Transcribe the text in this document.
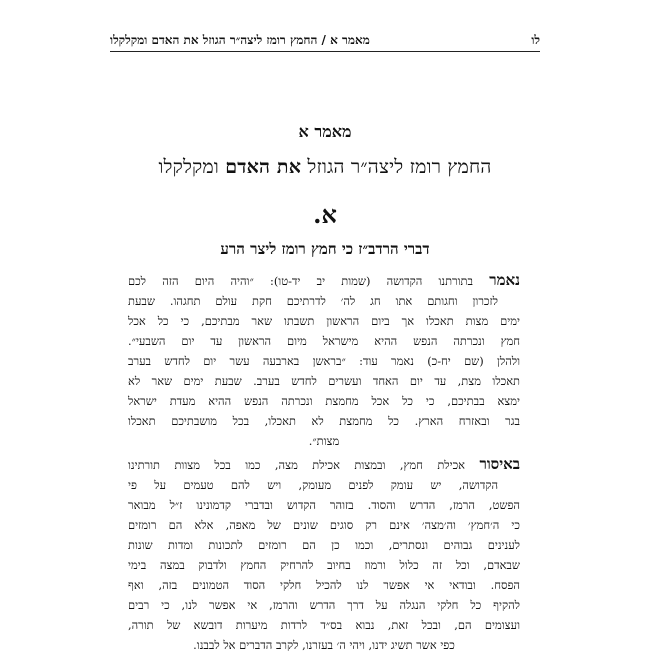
לו
מאמר א / החמץ רומז ליצה״ר הגוזל את האדם ומקלקלו
מאמר א
החמץ רומז ליצה״ר הגוזל את האדם ומקלקלו
א.
דברי הרדב״ז כי חמץ רומז ליצר הרע
נאמר בתורתנו הקדושה (שמות יב יד-טו): ״והיה היום הזה לכם
לזכרון וחגותם אתו חג לה׳ לדרתיכם חקת עולם תחגהו. שבעת
ימים מצות תאכלו אך ביום הראשון תשבתו שאר מבתיכם, כי כל אכל
חמץ ונכרתה הנפש ההיא מישראל מיום הראשון עד יום השבעי״.
ולהלן (שם יח-כ) נאמר עוד: ״בראשן בארבעה עשר יום לחדש בערב
תאכלו מצת, עד יום האחד ועשרים לחדש בערב. שבעת ימים שאר לא
ימצא בבתיכם, כי כל אכל מחמצת ונכרתה הנפש ההיא מעדת ישראל
בגר ובאזרח הארץ. כל מחמצת לא תאכלו, בכל מושבתיכם תאכלו
מצות״.
באיסור אכילת חמץ, ובמצות אכילת מצה, כמו בכל מצוות תורתינו
הקדושה, יש עומק לפנים מעומק, ויש להם טעמים על פי
הפשט, הרמז, הדרש והסוד. בזוהר הקדוש ובדברי קדמונינו ז״ל מבואר
כי ה׳חמץ׳ וה׳מצה׳ אינם רק סוגים שונים של מאפה, אלא הם רומזים
לענינים גבוהים ונסתרים, וכמו כן הם רומזים לתכונות ומדות שונות
שבאדם, וכל זה כלול ורמוז בחיוב להרחיק החמץ ולדבוק במצה בימי
הפסח. ובודאי אי אפשר לנו להכיל חלקי הסוד הטמונים בזה, ואף
להקיף כל חלקי הנגלה על דרך הדרש והרמז, אי אפשר לנו, כי רבים
ועצומים הם, ובכל זאת, נבוא בס״ד לרדות מיערות דובשא של תורה,
כפי אשר תשיג ידנו, ויהי ה׳ בעזרנו, לקרב הדברים אל לבבנו.
